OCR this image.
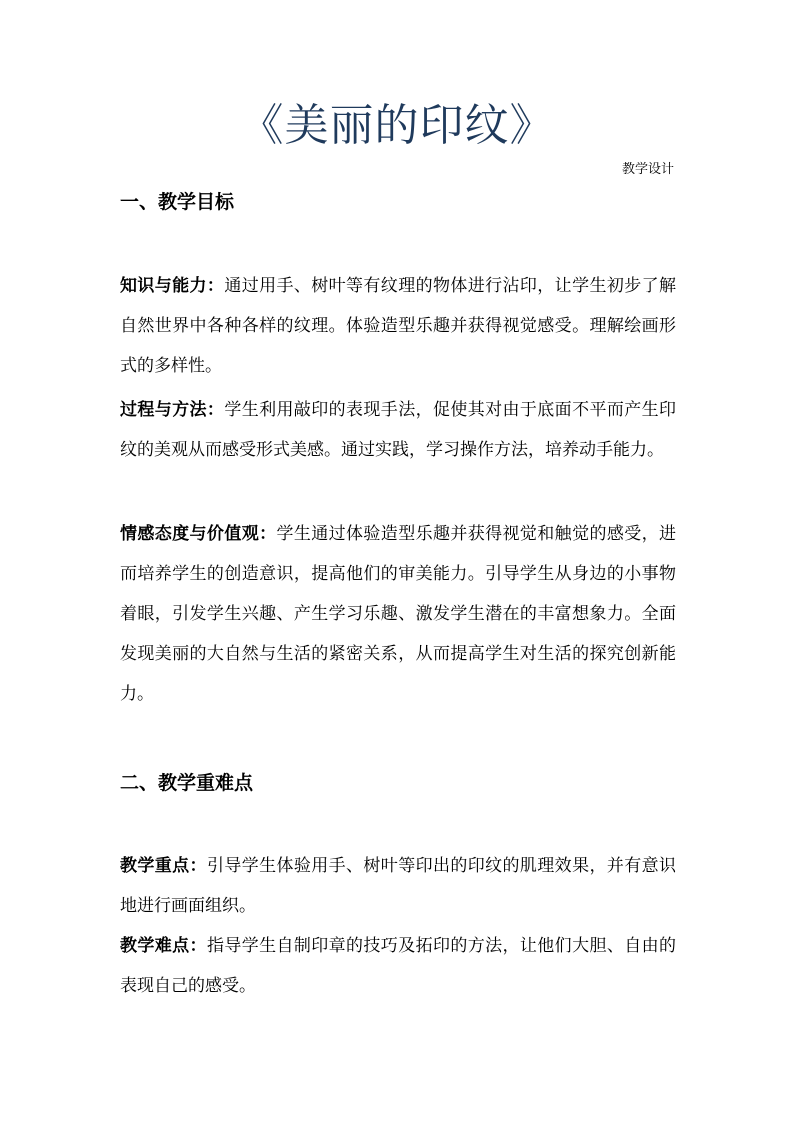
《美丽的印纹》
教学设计
一、教学目标
知识与能力：通过用手、树叶等有纹理的物体进行沾印，让学生初步了解自然世界中各种各样的纹理。体验造型乐趣并获得视觉感受。理解绘画形式的多样性。
过程与方法：学生利用敲印的表现手法，促使其对由于底面不平而产生印纹的美观从而感受形式美感。通过实践，学习操作方法，培养动手能力。
情感态度与价值观：学生通过体验造型乐趣并获得视觉和触觉的感受，进而培养学生的创造意识，提高他们的审美能力。引导学生从身边的小事物着眼，引发学生兴趣、产生学习乐趣、激发学生潜在的丰富想象力。全面发现美丽的大自然与生活的紧密关系，从而提高学生对生活的探究创新能力。
二、教学重难点
教学重点：引导学生体验用手、树叶等印出的印纹的肌理效果，并有意识地进行画面组织。
教学难点：指导学生自制印章的技巧及拓印的方法，让他们大胆、自由的表现自己的感受。
